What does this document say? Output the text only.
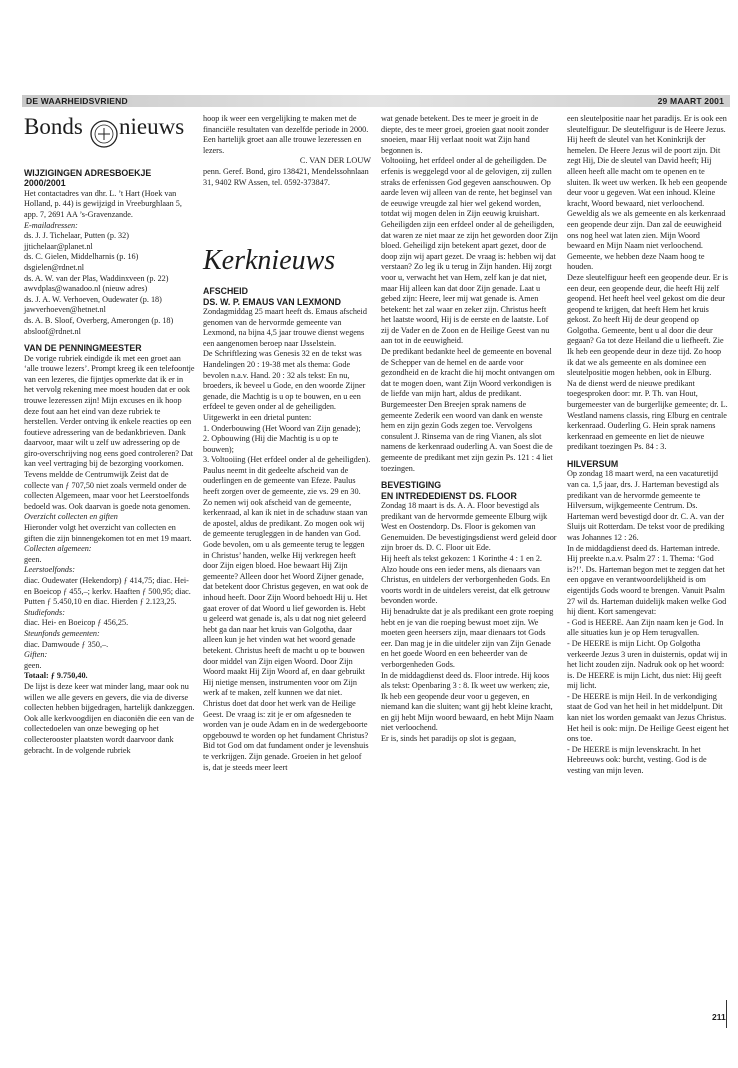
DE WAARHEIDSVRIEND	29 MAART 2001
Bonds nieuws
WIJZIGINGEN ADRESBOEKJE
2000/2001
Het contactadres van dhr. L. ’t Hart (Hoek van Holland, p. 44) is gewijzigd in Vreeburghlaan 5, app. 7, 2691 AA ’s-Gravenzande.
E-mailadressen:
ds. J. J. Tichelaar, Putten (p. 32) jjtichelaar@planet.nl
ds. C. Gielen, Middelharnis (p. 16) dsgielen@rdnet.nl
ds. A. W. van der Plas, Waddinxveen (p. 22) awvdplas@wanadoo.nl (nieuw adres)
ds. J. A. W. Verhoeven, Oudewater (p. 18) jawverhoeven@hetnet.nl
ds. A. B. Sloof, Overberg, Amerongen (p. 18) absloof@rdnet.nl
VAN DE PENNINGMEESTER
De vorige rubriek eindigde ik met een groet aan ‘alle trouwe lezers’. Prompt kreeg ik een telefoontje van een lezeres, die fijntjes opmerkte dat ik er in het vervolg rekening mee moest houden dat er ook trouwe lezeressen zijn! Mijn excuses en ik hoop deze fout aan het eind van deze rubriek te herstellen. Verder ontving ik enkele reacties op een foutieve adressering van de bedankbrieven. Dank daarvoor, maar wilt u zelf uw adressering op de giro-overschrijving nog eens goed controleren? Dat kan veel vertraging bij de bezorging voorkomen. Tevens meldde de Centrumwijk Zeist dat de collecte van ƒ 707,50 niet zoals vermeld onder de collecten Algemeen, maar voor het Leerstoelfonds bedoeld was. Ook daarvan is goede nota genomen.
Overzicht collecten en giften
Hieronder volgt het overzicht van collecten en giften die zijn binnengekomen tot en met 19 maart.
Collecten algemeen:
geen.
Leerstoelfonds:
diac. Oudewater (Hekendorp) ƒ 414,75; diac. Hei- en Boeicop ƒ 455,–; kerkv. Haaften ƒ 500,95; diac. Putten ƒ 5.450,10 en diac. Hierden ƒ 2.123,25.
Studiefonds:
diac. Hei- en Boeicop ƒ 456,25.
Steunfonds gemeenten:
diac. Damwoude ƒ 350,–.
Giften:
geen.
Totaal: ƒ 9.750,40.
De lijst is deze keer wat minder lang, maar ook nu willen we alle gevers en gevers, die via de diverse collecten hebben bijgedragen, hartelijk dankzeggen. Ook alle kerkvoogdijen en diaconiën die een van de collectedoelen van onze beweging op het collecterooster plaatsten wordt daarvoor dank gebracht. In de volgende rubriek
hoop ik weer een vergelijking te maken met de financiële resultaten van dezelfde periode in 2000. Een hartelijk groet aan alle trouwe lezeressen en lezers.
C. VAN DER LOUW
penn. Geref. Bond, giro 138421, Mendelssohnlaan 31, 9402 RW Assen, tel. 0592-373847.
Kerknieuws
AFSCHEID
DS. W. P. EMAUS VAN LEXMOND
Zondagmiddag 25 maart heeft ds. Emaus afscheid genomen van de hervormde gemeente van Lexmond, na bijna 4,5 jaar trouwe dienst wegens een aangenomen beroep naar IJsselstein.
De Schriftlezing was Genesis 32 en de tekst was Handelingen 20 : 19-38 met als thema: Gode bevolen n.a.v. Hand. 20 : 32 als tekst: En nu, broeders, ik beveel u Gode, en den woorde Zijner genade, die Machtig is u op te bouwen, en u een erfdeel te geven onder al de geheiligden. Uitgewerkt in een drietal punten:
1. Onderbouwing (Het Woord van Zijn genade);
2. Opbouwing (Hij die Machtig is u op te bouwen);
3. Voltooiing (Het erfdeel onder al de geheiligden).
Paulus neemt in dit gedeelte afscheid van de ouderlingen en de gemeente van Efeze. Paulus heeft zorgen over de gemeente, zie vs. 29 en 30. Zo nemen wij ook afscheid van de gemeente, kerkenraad, al kan ik niet in de schaduw staan van de apostel, aldus de predikant. Zo mogen ook wij de gemeente terugleggen in de handen van God. Gode bevolen, om u als gemeente terug te leggen in Christus’ handen, welke Hij verkregen heeft door Zijn eigen bloed. Hoe bewaart Hij Zijn gemeente? Alleen door het Woord Zijner genade, dat betekent door Christus gegeven, en wat ook de inhoud heeft. Door Zijn Woord behoedt Hij u. Het gaat erover of dat Woord u lief geworden is. Hebt u geleerd wat genade is, als u dat nog niet geleerd hebt ga dan naar het kruis van Golgotha, daar alleen kun je het vinden wat het woord genade betekent. Christus heeft de macht u op te bouwen door middel van Zijn eigen Woord. Door Zijn Woord maakt Hij Zijn Woord af, en daar gebruikt Hij nietige mensen, instrumenten voor om Zijn werk af te maken, zelf kunnen we dat niet. Christus doet dat door het werk van de Heilige Geest. De vraag is: zit je er om afgesneden te worden van je oude Adam en in de wedergeboorte opgebouwd te worden op het fundament Christus?
Bid tot God om dat fundament onder je levenshuis te verkrijgen. Zijn genade. Groeien in het geloof is, dat je steeds meer leert
wat genade betekent. Des te meer je groeit in de diepte, des te meer groei, groeien gaat nooit zonder snoeien, maar Hij verlaat nooit wat Zijn hand begonnen is.
Voltooiing, het erfdeel onder al de geheiligden. De erfenis is weggelegd voor al de gelovigen, zij zullen straks de erfenissen God gegeven aanschouwen. Op aarde leven wij alleen van de rente, het beginsel van de eeuwige vreugde zal hier wel gekend worden, totdat wij mogen delen in Zijn eeuwig kruishart. Geheiligden zijn een erfdeel onder al de geheiligden, dat waren ze niet maar ze zijn het geworden door Zijn bloed. Geheiligd zijn betekent apart gezet, door de doop zijn wij apart gezet. De vraag is: hebben wij dat verstaan? Zo leg ik u terug in Zijn handen. Hij zorgt voor u, verwacht het van Hem, zelf kan je dat niet, maar Hij alleen kan dat door Zijn genade. Laat u gebed zijn: Heere, leer mij wat genade is. Amen betekent: het zal waar en zeker zijn. Christus heeft het laatste woord, Hij is de eerste en de laatste. Lof zij de Vader en de Zoon en de Heilige Geest van nu aan tot in de eeuwigheid.
De predikant bedankte heel de gemeente en bovenal de Schepper van de hemel en de aarde voor gezondheid en de kracht die hij mocht ontvangen om dat te mogen doen, want Zijn Woord verkondigen is de liefde van mijn hart, aldus de predikant.
Burgemeester Den Breejen sprak namens de gemeente Zederik een woord van dank en wenste hem en zijn gezin Gods zegen toe. Vervolgens consulent J. Rinsema van de ring Vianen, als slot namens de kerkenraad ouderling A. van Soest die de gemeente de predikant met zijn gezin Ps. 121 : 4 liet toezingen.
BEVESTIGING
EN INTREDEDIENST DS. FLOOR
Zondag 18 maart is ds. A. A. Floor bevestigd als predikant van de hervormde gemeente Elburg wijk West en Oostendorp. Ds. Floor is gekomen van Genemuiden. De bevestigingsdienst werd geleid door zijn broer ds. D. C. Floor uit Ede.
Hij heeft als tekst gekozen: 1 Korinthe 4 : 1 en 2. Alzo houde ons een ieder mens, als dienaars van Christus, en uitdelers der verborgenheden Gods. En voorts wordt in de uitdelers vereist, dat elk getrouw bevonden worde.
Hij benadrukte dat je als predikant een grote roeping hebt en je van die roeping bewust moet zijn. We moeten geen heersers zijn, maar dienaars tot Gods eer. Dan mag je in die uitdeler zijn van Zijn Genade en het goede Woord en een beheerder van de verborgenheden Gods.
In de middagdienst deed ds. Floor intrede. Hij koos als tekst: Openbaring 3 : 8. Ik weet uw werken; zie, Ik heb een geopende deur voor u gegeven, en niemand kan die sluiten; want gij hebt kleine kracht, en gij hebt Mijn woord bewaard, en hebt Mijn Naam niet verloochend.
Er is, sinds het paradijs op slot is gegaan,
een sleutelpositie naar het paradijs. Er is ook een sleutelfiguur. De sleutelfiguur is de Heere Jezus. Hij heeft de sleutel van het Koninkrijk der hemelen. De Heere Jezus wil de poort zijn. Dit zegt Hij, Die de sleutel van David heeft; Hij alleen heeft alle macht om te openen en te sluiten. Ik weet uw werken. Ik heb een geopende deur voor u gegeven. Wat een inhoud. Kleine kracht, Woord bewaard, niet verloochend. Geweldig als we als gemeente en als kerkenraad een geopende deur zijn. Dan zal de eeuwigheid ons nog heel wat laten zien. Mijn Woord bewaard en Mijn Naam niet verloochend. Gemeente, we hebben deze Naam hoog te houden.
Deze sleutelfiguur heeft een geopende deur. Er is een deur, een geopende deur, die heeft Hij zelf geopend. Het heeft heel veel gekost om die deur geopend te krijgen, dat heeft Hem het kruis gekost. Zo heeft Hij de deur geopend op Golgotha. Gemeente, bent u al door die deur gegaan? Ga tot deze Heiland die u liefheeft. Zie Ik heb een geopende deur in deze tijd. Zo hoop ik dat we als gemeente en als dominee een sleutelpositie mogen hebben, ook in Elburg.
Na de dienst werd de nieuwe predikant toegesproken door: mr. P. Th. van Hout, burgemeester van de burgerlijke gemeente; dr. L. Westland namens classis, ring Elburg en centrale kerkenraad. Ouderling G. Hein sprak namens kerkenraad en gemeente en liet de nieuwe predikant toezingen Ps. 84 : 3.
HILVERSUM
Op zondag 18 maart werd, na een vacaturetijd van ca. 1,5 jaar, drs. J. Harteman bevestigd als predikant van de hervormde gemeente te Hilversum, wijkgemeente Centrum. Ds. Harteman werd bevestigd door dr. C. A. van der Sluijs uit Rotterdam. De tekst voor de prediking was Johannes 12 : 26.
In de middagdienst deed ds. Harteman intrede. Hij preekte n.a.v. Psalm 27 : 1. Thema: ‘God is?!’. Ds. Harteman begon met te zeggen dat het een opgave en verantwoordelijkheid is om eigentijds Gods woord te brengen. Vanuit Psalm 27 wil ds. Harteman duidelijk maken welke God hij dient. Kort samengevat:
- God is HEERE. Aan Zijn naam ken je God. In alle situaties kun je op Hem terugvallen.
- De HEERE is mijn Licht. Op Golgotha verkeerde Jezus 3 uren in duisternis, opdat wij in het licht zouden zijn. Nadruk ook op het woord: is. De HEERE is mijn Licht, dus niet: Hij geeft mij licht.
- De HEERE is mijn Heil. In de verkondiging staat de God van het heil in het middelpunt. Dit kan niet los worden gemaakt van Jezus Christus. Het heil is ook: mijn. De Heilige Geest eigent het ons toe.
- De HEERE is mijn levenskracht. In het Hebreeuws ook: burcht, vesting. God is de vesting van mijn leven.
211
